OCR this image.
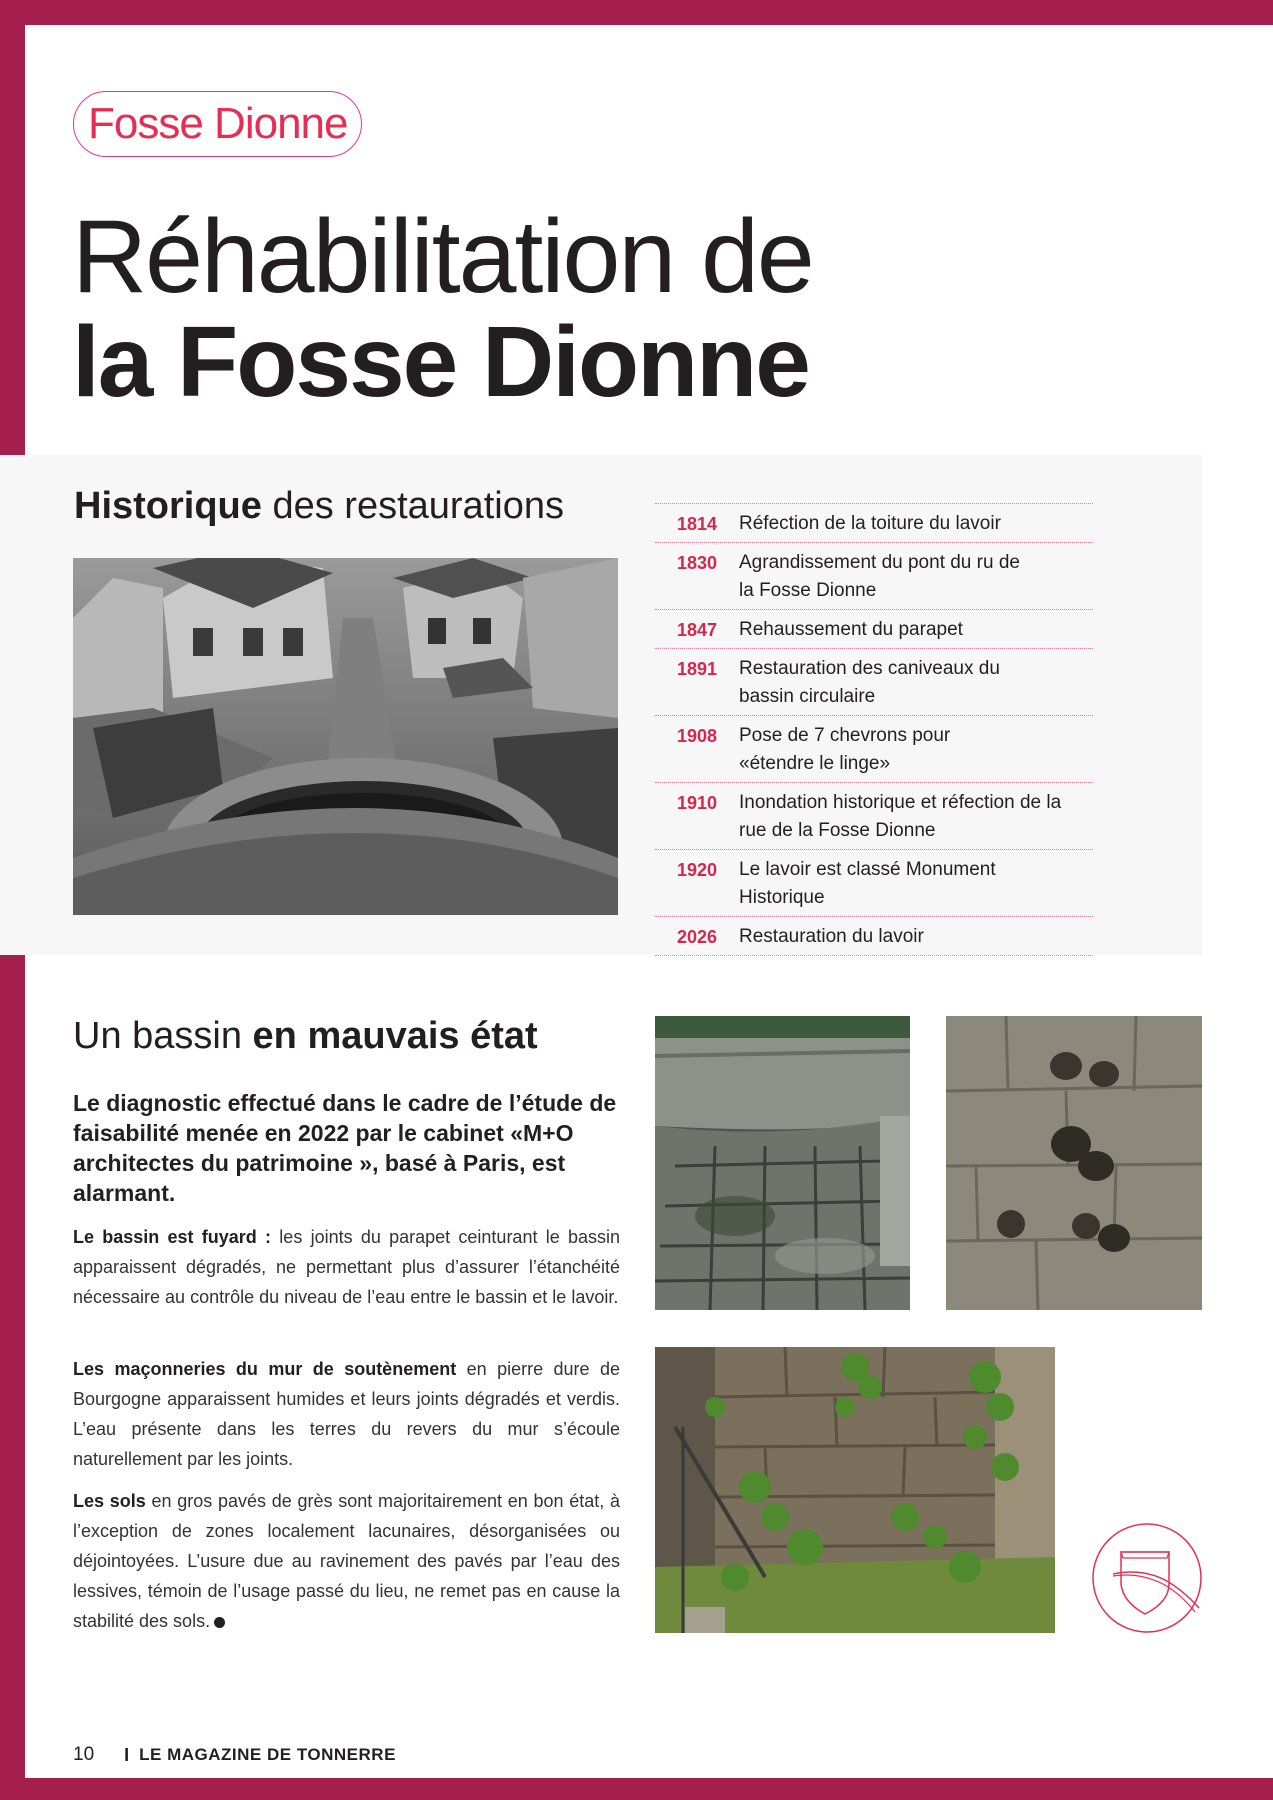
Fosse Dionne
Réhabilitation de
la Fosse Dionne
Historique des restaurations	1814 Réfection de la toiture du lavoir
1830 Agrandissement du pont du ru de la Fosse Dionne
1847 Rehaussement du parapet
1891 Restauration des caniveaux du bassin circulaire
1908 Pose de 7 chevrons pour «étendre le linge»
1910 Inondation historique et réfection de la rue de la Fosse Dionne
1920 Le lavoir est classé Monument Historique
2026 Restauration du lavoir
Un bassin en mauvais état
Le diagnostic effectué dans le cadre de l’étude de faisabilité menée en 2022 par le cabinet «M+O architectes du patrimoine », basé à Paris, est alarmant.
Le bassin est fuyard : les joints du parapet ceinturant le bassin apparaissent dégradés, ne permettant plus d’assurer l’étanchéité nécessaire au contrôle du niveau de l’eau entre le bassin et le lavoir.
Les maçonneries du mur de soutènement en pierre dure de Bourgogne apparaissent humides et leurs joints dégradés et verdis. L’eau présente dans les terres du revers du mur s’écoule naturellement par les joints.
Les sols en gros pavés de grès sont majoritairement en bon état, à l’exception de zones localement lacunaires, désorganisées ou déjointoyées. L’usure due au ravinement des pavés par l’eau des lessives, témoin de l’usage passé du lieu, ne remet pas en cause la stabilité des sols.
10 I LE MAGAZINE DE TONNERRE
